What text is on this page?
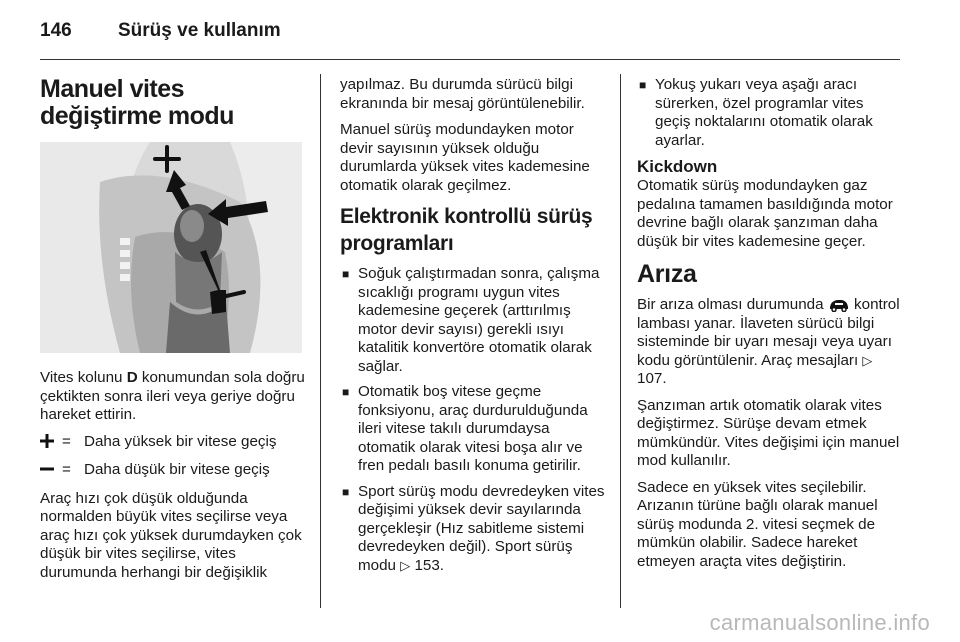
146 Sürüş ve kullanım
Manuel vites değiştirme modu

Vites kolunu D konumundan sola doğru çektikten sonra ileri veya geriye doğru hareket ettirin.

= Daha yüksek bir vitese geçiş
= Daha düşük bir vitese geçiş

Araç hızı çok düşük olduğunda normalden büyük vites seçilirse veya araç hızı çok yüksek durumdayken çok düşük bir vites seçilirse, vites durumunda herhangi bir değişiklik

yapılmaz. Bu durumda sürücü bilgi ekranında bir mesaj görüntülenebilir.

Manuel sürüş modundayken motor devir sayısının yüksek olduğu durumlarda yüksek vites kademesine otomatik olarak geçilmez.

Elektronik kontrollü sürüş programları
■ Soğuk çalıştırmadan sonra, çalışma sıcaklığı programı uygun vites kademesine geçerek (arttırılmış motor devir sayısı) gerekli ısıyı katalitik konvertöre otomatik olarak sağlar.
■ Otomatik boş vitese geçme fonksiyonu, araç durdurulduğunda ileri vitese takılı durumdaysa otomatik olarak vitesi boşa alır ve fren pedalı basılı konuma getirilir.
■ Sport sürüş modu devredeyken vites değişimi yüksek devir sayılarında gerçekleşir (Hız sabitleme sistemi devredeyken değil). Sport sürüş modu ▷ 153.
■ Yokuş yukarı veya aşağı aracı sürerken, özel programlar vites geçiş noktalarını otomatik olarak ayarlar.
Kickdown

Otomatik sürüş modundayken gaz pedalına tamamen basıldığında motor devrine bağlı olarak şanzıman daha düşük bir vites kademesine geçer.

Arıza

Bir arıza olması durumunda kontrol lambası yanar. İlaveten sürücü bilgi sisteminde bir uyarı mesajı veya uyarı kodu görüntülenir. Araç mesajları ▷ 107.

Şanzıman artık otomatik olarak vites değiştirmez. Sürüşe devam etmek mümkündür. Vites değişimi için manuel mod kullanılır.

Sadece en yüksek vites seçilebilir. Arızanın türüne bağlı olarak manuel sürüş modunda 2. vitesi seçmek de mümkün olabilir. Sadece hareket etmeyen araçta vites değiştirin.

carmanualsonline.info
